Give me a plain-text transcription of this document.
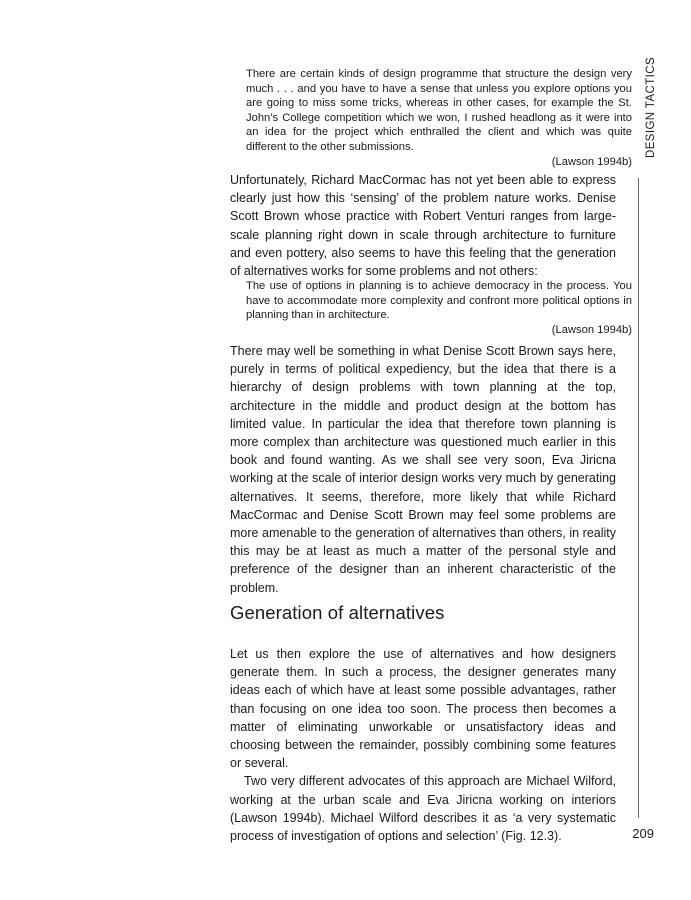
There are certain kinds of design programme that structure the design very much . . . and you have to have a sense that unless you explore options you are going to miss some tricks, whereas in other cases, for example the St. John’s College competition which we won, I rushed headlong as it were into an idea for the project which enthralled the client and which was quite different to the other submissions.

(Lawson 1994b)

Unfortunately, Richard MacCormac has not yet been able to express clearly just how this ‘sensing’ of the problem nature works. Denise Scott Brown whose practice with Robert Venturi ranges from large-scale planning right down in scale through architecture to furniture and even pottery, also seems to have this feeling that the generation of alternatives works for some problems and not others:

The use of options in planning is to achieve democracy in the process. You have to accommodate more complexity and confront more political options in planning than in architecture.

(Lawson 1994b)

There may well be something in what Denise Scott Brown says here, purely in terms of political expediency, but the idea that there is a hierarchy of design problems with town planning at the top, architecture in the middle and product design at the bottom has limited value. In particular the idea that therefore town planning is more complex than architecture was questioned much earlier in this book and found wanting. As we shall see very soon, Eva Jiricna working at the scale of interior design works very much by generating alternatives. It seems, therefore, more likely that while Richard MacCormac and Denise Scott Brown may feel some problems are more amenable to the generation of alternatives than others, in reality this may be at least as much a matter of the personal style and preference of the designer than an inherent characteristic of the problem.

Generation of alternatives

Let us then explore the use of alternatives and how designers generate them. In such a process, the designer generates many ideas each of which have at least some possible advantages, rather than focusing on one idea too soon. The process then becomes a matter of eliminating unworkable or unsatisfactory ideas and choosing between the remainder, possibly combining some features or several.

Two very different advocates of this approach are Michael Wilford, working at the urban scale and Eva Jiricna working on interiors (Lawson 1994b). Michael Wilford describes it as ‘a very systematic process of investigation of options and selection’ (Fig. 12.3).

DESIGN TACTICS
209
